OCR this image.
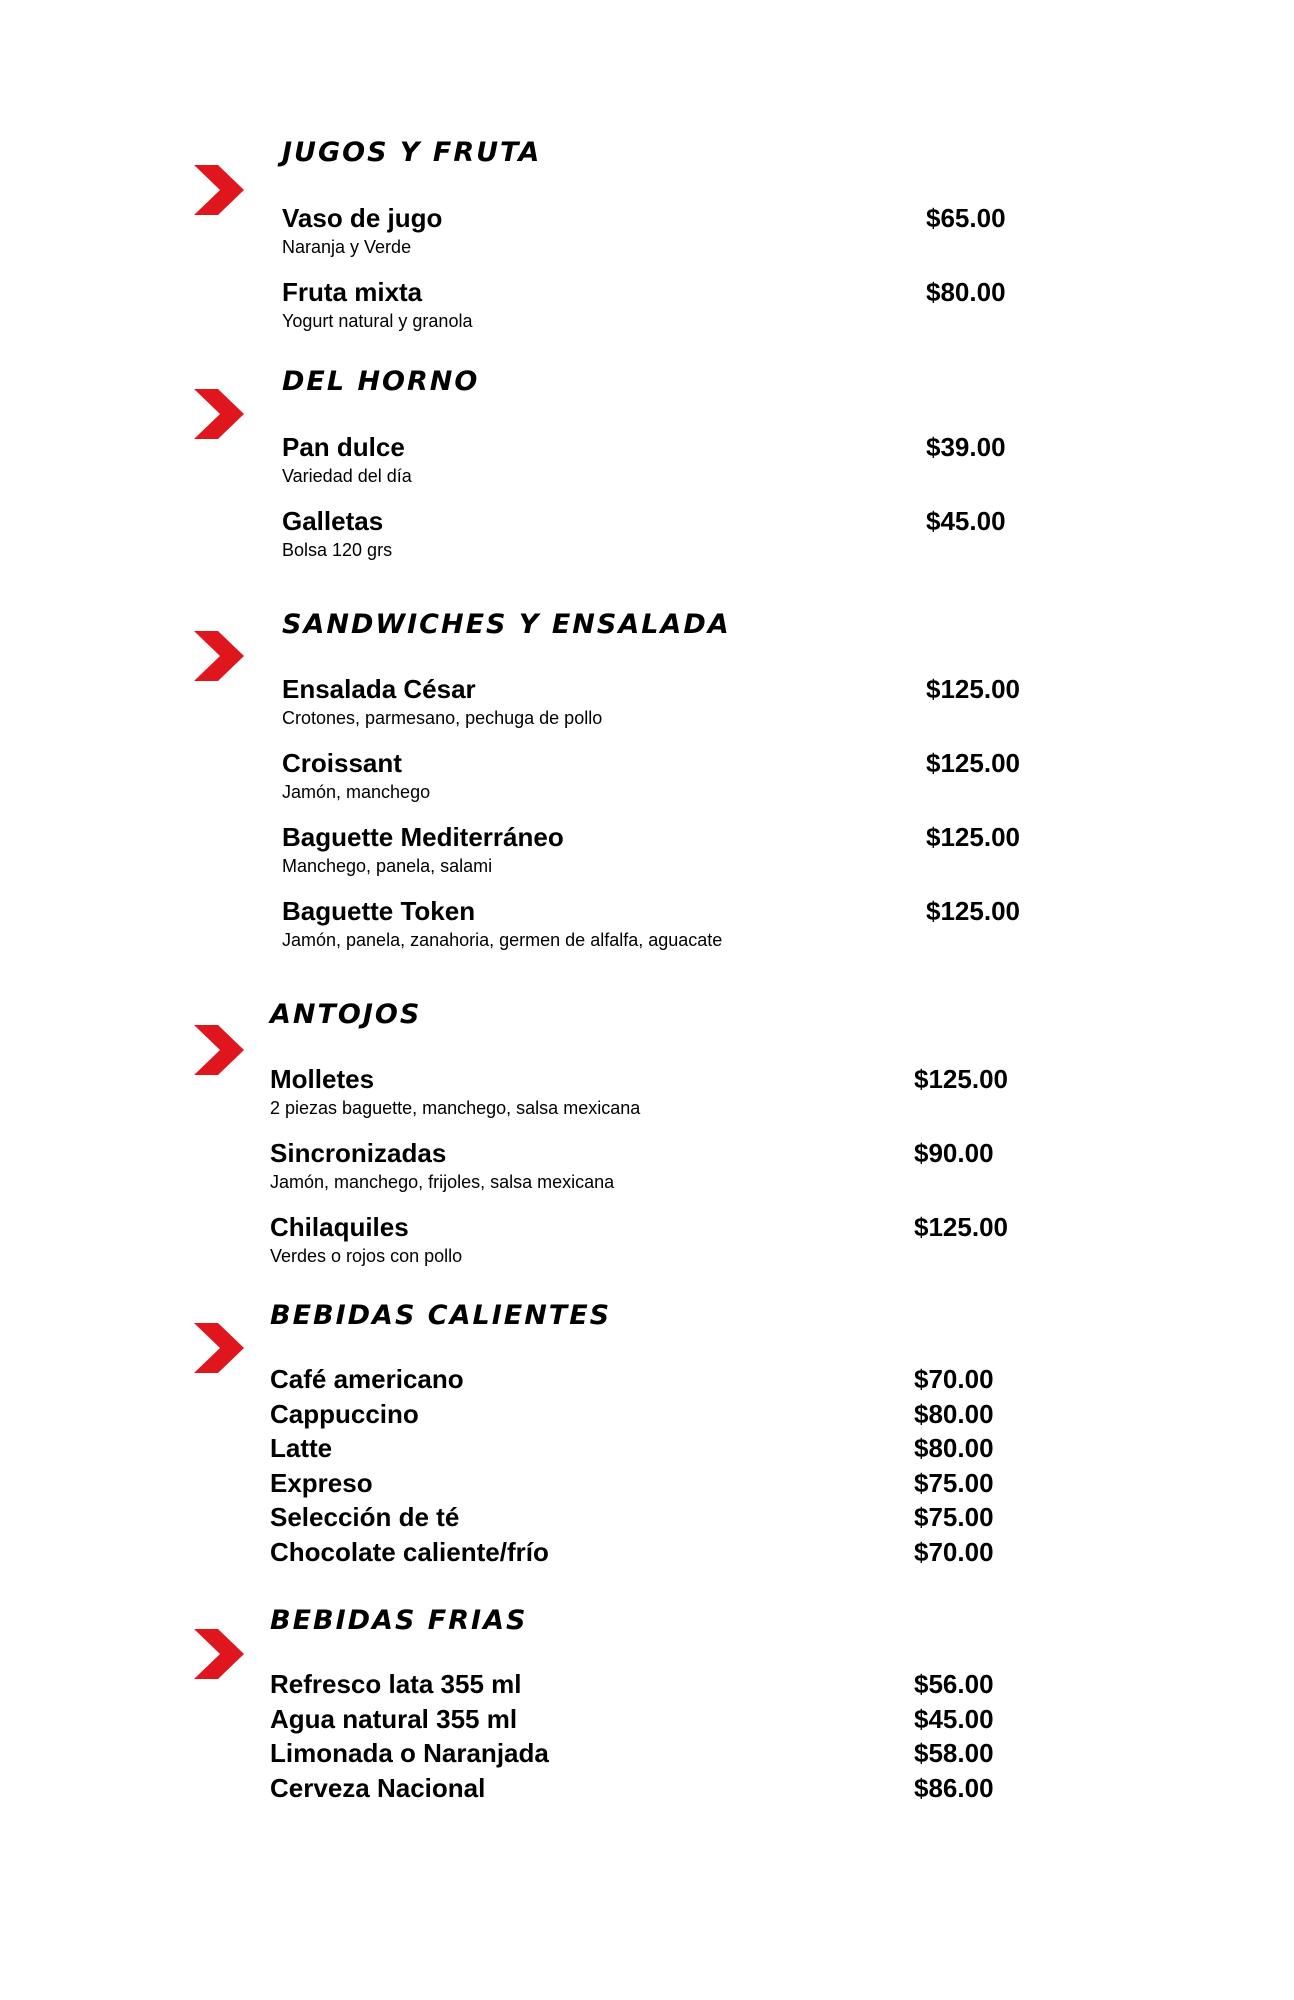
JUGOS Y FRUTA
Vaso de jugo	$65.00
Naranja y Verde
Fruta mixta	$80.00
Yogurt natural y granola
DEL HORNO
Pan dulce	$39.00
Variedad del día
Galletas	$45.00
Bolsa 120 grs
SANDWICHES Y ENSALADA
Ensalada César	$125.00
Crotones, parmesano, pechuga de pollo
Croissant	$125.00
Jamón, manchego
Baguette Mediterráneo	$125.00
Manchego, panela, salami
Baguette Token	$125.00
Jamón, panela, zanahoria, germen de alfalfa, aguacate
ANTOJOS
Molletes	$125.00
2 piezas baguette, manchego, salsa mexicana
Sincronizadas	$90.00
Jamón, manchego, frijoles, salsa mexicana
Chilaquiles	$125.00
Verdes o rojos con pollo
BEBIDAS CALIENTES
Café americano	$70.00
Cappuccino	$80.00
Latte	$80.00
Expreso	$75.00
Selección de té	$75.00
Chocolate caliente/frío	$70.00
BEBIDAS FRIAS
Refresco lata 355 ml	$56.00
Agua natural 355 ml	$45.00
Limonada o Naranjada	$58.00
Cerveza Nacional	$86.00
